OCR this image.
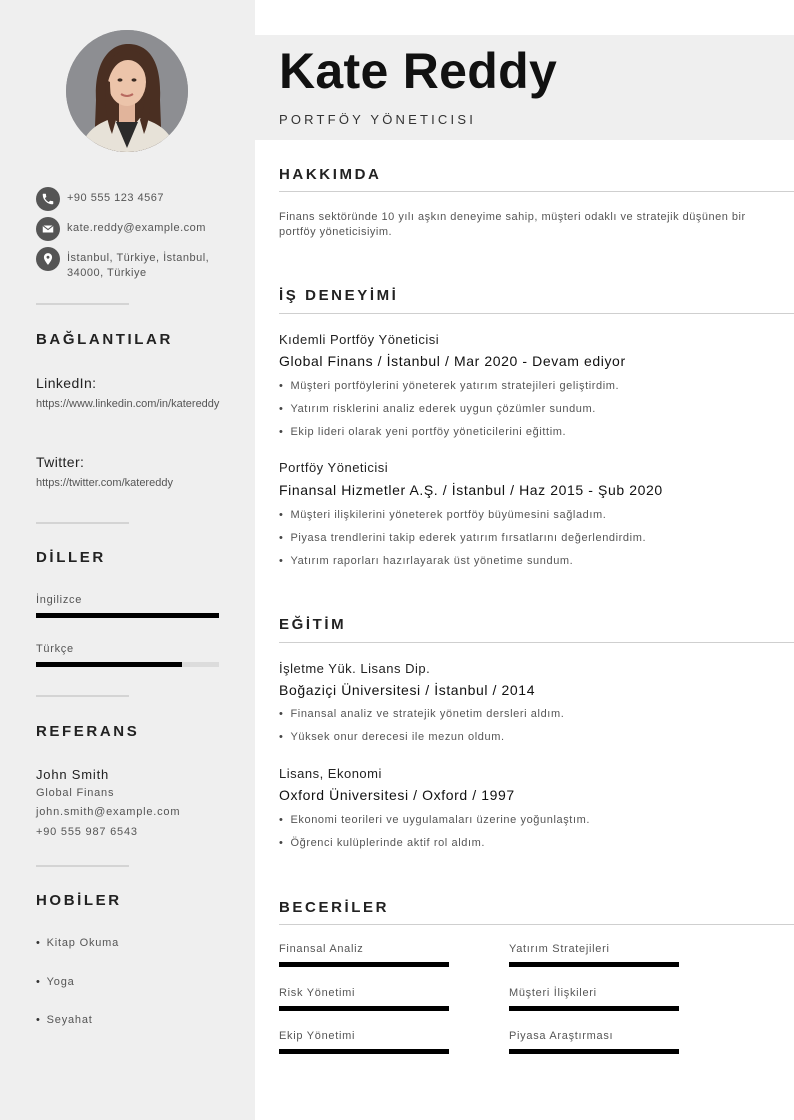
+90 555 123 4567
kate.reddy@example.com
İstanbul, Türkiye, İstanbul, 34000, Türkiye
BAĞLANTILAR
LinkedIn:
https://www.linkedin.com/in/katereddy
Twitter:
https://twitter.com/katereddy
DİLLER
İngilizce
Türkçe
REFERANS
John Smith
Global Finans
john.smith@example.com
+90 555 987 6543
HOBİLER
• Kitap Okuma
• Yoga
• Seyahat
Kate Reddy
PORTFÖY YÖNETICISI
HAKKIMDA
Finans sektöründe 10 yılı aşkın deneyime sahip, müşteri odaklı ve stratejik düşünen bir portföy yöneticisiyim.
İŞ DENEYİMİ
Kıdemli Portföy Yöneticisi
Global Finans / İstanbul / Mar 2020 - Devam ediyor
• Müşteri portföylerini yöneterek yatırım stratejileri geliştirdim.
• Yatırım risklerini analiz ederek uygun çözümler sundum.
• Ekip lideri olarak yeni portföy yöneticilerini eğittim.
Portföy Yöneticisi
Finansal Hizmetler A.Ş. / İstanbul / Haz 2015 - Şub 2020
• Müşteri ilişkilerini yöneterek portföy büyümesini sağladım.
• Piyasa trendlerini takip ederek yatırım fırsatlarını değerlendirdim.
• Yatırım raporları hazırlayarak üst yönetime sundum.
EĞİTİM
İşletme Yük. Lisans Dip.
Boğaziçi Üniversitesi / İstanbul / 2014
• Finansal analiz ve stratejik yönetim dersleri aldım.
• Yüksek onur derecesi ile mezun oldum.
Lisans, Ekonomi
Oxford Üniversitesi / Oxford / 1997
• Ekonomi teorileri ve uygulamaları üzerine yoğunlaştım.
• Öğrenci kulüplerinde aktif rol aldım.
BECERİLER
Finansal Analiz	Yatırım Stratejileri
Risk Yönetimi	Müşteri İlişkileri
Ekip Yönetimi	Piyasa Araştırması
